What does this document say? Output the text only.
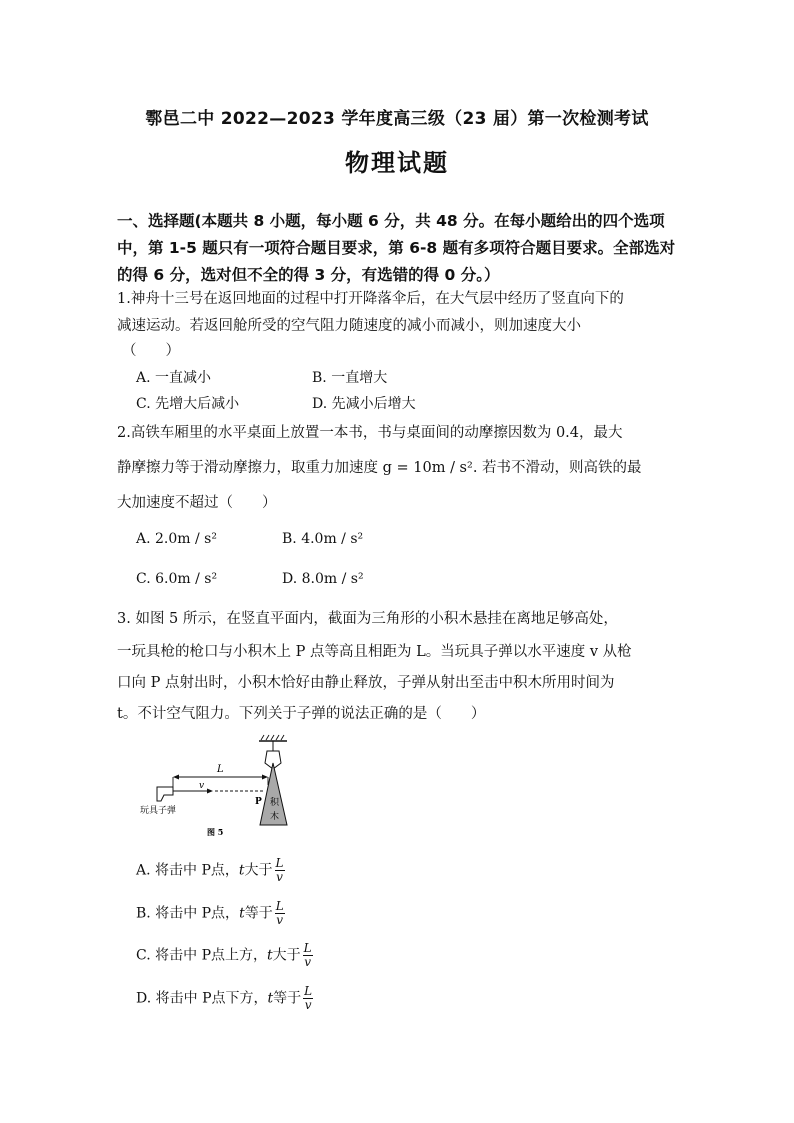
鄠邑二中 2022—2023 学年度高三级（23 届）第一次检测考试
物理试题
一、选择题(本题共 8 小题，每小题 6 分，共 48 分。在每小题给出的四个选项中，第 1-5 题只有一项符合题目要求，第 6-8 题有多项符合题目要求。全部选对的得 6 分，选对但不全的得 3 分，有选错的得 0 分。）
1.神舟十三号在返回地面的过程中打开降落伞后，在大气层中经历了竖直向下的
减速运动。若返回舱所受的空气阻力随速度的减小而减小，则加速度大小
（　　）
A. 一直减小	B. 一直增大
C. 先增大后减小	D. 先减小后增大
2.高铁车厢里的水平桌面上放置一本书，书与桌面间的动摩擦因数为 0.4，最大
静摩擦力等于滑动摩擦力，取重力加速度 g = 10m / s². 若书不滑动，则高铁的最
大加速度不超过（　　）
A. 2.0m / s²	B. 4.0m / s²
C. 6.0m / s²	D. 8.0m / s²
3. 如图 5 所示，在竖直平面内，截面为三角形的小积木悬挂在离地足够高处，
一玩具枪的枪口与小积木上 P 点等高且相距为 L。当玩具子弹以水平速度 v 从枪
口向 P 点射出时，小积木恰好由静止释放，子弹从射出至击中积木所用时间为
t。不计空气阻力。下列关于子弹的说法正确的是（　　）
积
木
L
v
P
玩具子弹
图 5
A. 将击中 P点，t大于 $\frac{L}{v}$
B. 将击中 P点，t等于 $\frac{L}{v}$
C. 将击中 P点上方，t大于 $\frac{L}{v}$
D. 将击中 P点下方，t等于 $\frac{L}{v}$
